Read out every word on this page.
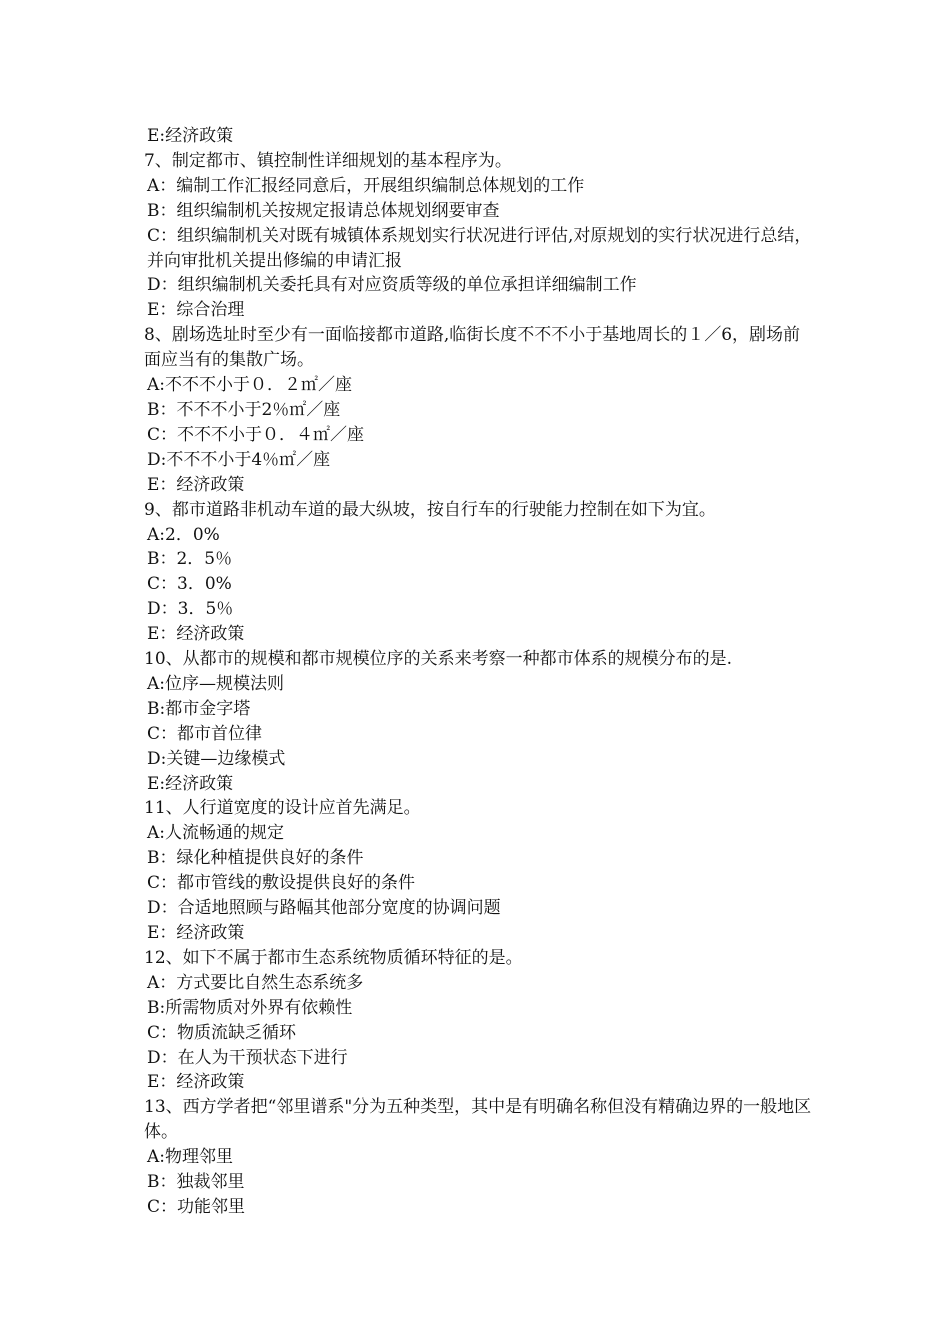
E:经济政策

7、制定都市、镇控制性详细规划的基本程序为。

A：编制工作汇报经同意后，开展组织编制总体规划的工作

B：组织编制机关按规定报请总体规划纲要审查

C：组织编制机关对既有城镇体系规划实行状况进行评估,对原规划的实行状况进行总结，并向审批机关提出修编的申请汇报

D：组织编制机关委托具有对应资质等级的单位承担详细编制工作

E：综合治理

8、剧场选址时至少有一面临接都市道路,临街长度不不不小于基地周长的１／6，剧场前面应当有的集散广场。

A:不不不小于０．２㎡／座

B：不不不小于2％㎡／座

C：不不不小于０．４㎡／座

D:不不不小于4％㎡／座

E：经济政策

9、都市道路非机动车道的最大纵坡，按自行车的行驶能力控制在如下为宜。

A:2．0%

B：2．5％

C：3．0%

D：3．5％

E：经济政策

10、从都市的规模和都市规模位序的关系来考察一种都市体系的规模分布的是.

A:位序—规模法则

B:都市金字塔

C：都市首位律

D:关键—边缘模式

E:经济政策

11、人行道宽度的设计应首先满足。

A:人流畅通的规定

B：绿化种植提供良好的条件

C：都市管线的敷设提供良好的条件

D：合适地照顾与路幅其他部分宽度的协调问题

E：经济政策

12、如下不属于都市生态系统物质循环特征的是。

A：方式要比自然生态系统多

B:所需物质对外界有依赖性

C：物质流缺乏循环

D：在人为干预状态下进行

E：经济政策

13、西方学者把“邻里谱系"分为五种类型，其中是有明确名称但没有精确边界的一般地区体。

A:物理邻里

B：独裁邻里

C：功能邻里
